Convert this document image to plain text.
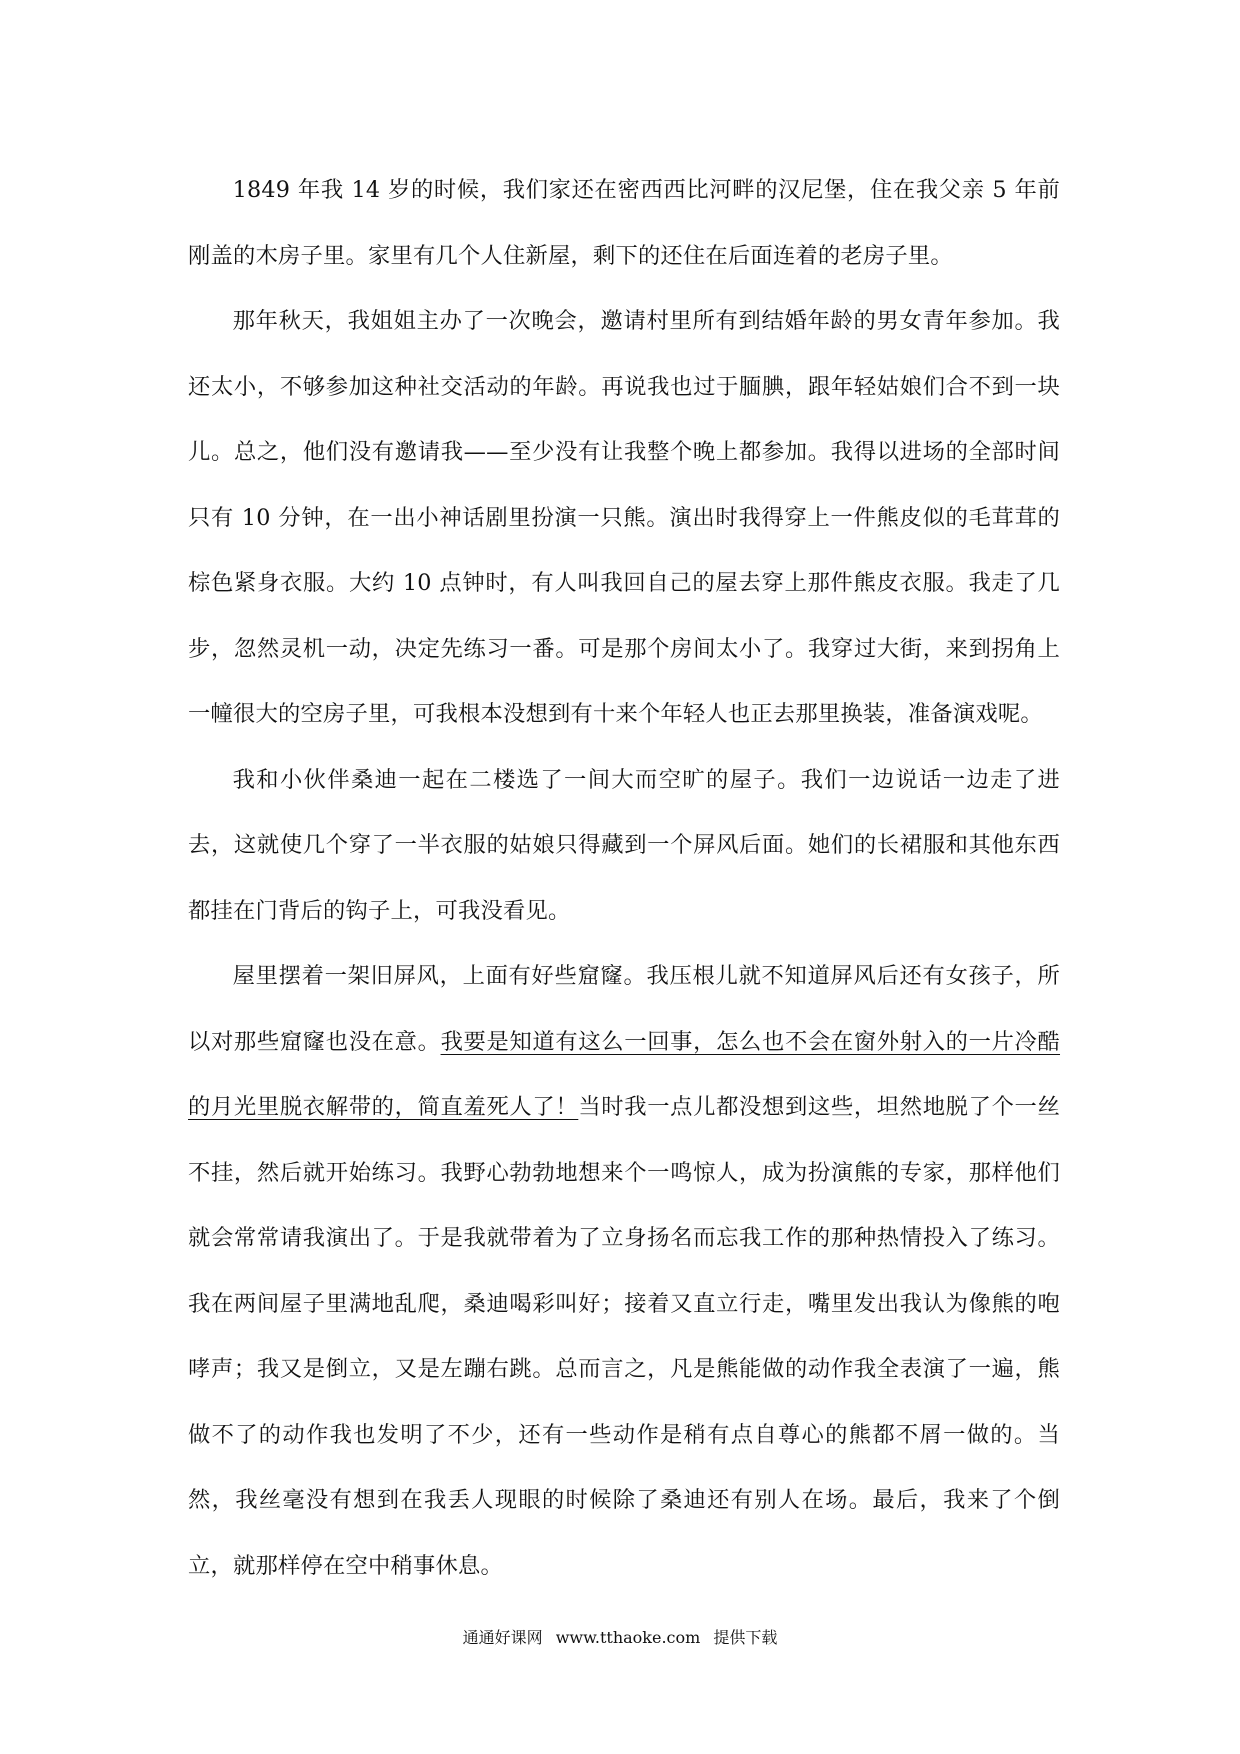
1849 年我 14 岁的时候，我们家还在密西西比河畔的汉尼堡，住在我父亲 5 年前刚盖的木房子里。家里有几个人住新屋，剩下的还住在后面连着的老房子里。

那年秋天，我姐姐主办了一次晚会，邀请村里所有到结婚年龄的男女青年参加。我还太小，不够参加这种社交活动的年龄。再说我也过于腼腆，跟年轻姑娘们合不到一块儿。总之，他们没有邀请我——至少没有让我整个晚上都参加。我得以进场的全部时间只有 10 分钟，在一出小神话剧里扮演一只熊。演出时我得穿上一件熊皮似的毛茸茸的棕色紧身衣服。大约 10 点钟时，有人叫我回自己的屋去穿上那件熊皮衣服。我走了几步，忽然灵机一动，决定先练习一番。可是那个房间太小了。我穿过大街，来到拐角上一幢很大的空房子里，可我根本没想到有十来个年轻人也正去那里换装，准备演戏呢。

我和小伙伴桑迪一起在二楼选了一间大而空旷的屋子。我们一边说话一边走了进去，这就使几个穿了一半衣服的姑娘只得藏到一个屏风后面。她们的长裙服和其他东西都挂在门背后的钩子上，可我没看见。

屋里摆着一架旧屏风，上面有好些窟窿。我压根儿就不知道屏风后还有女孩子，所以对那些窟窿也没在意。我要是知道有这么一回事，怎么也不会在窗外射入的一片冷酷的月光里脱衣解带的，简直羞死人了！当时我一点儿都没想到这些，坦然地脱了个一丝不挂，然后就开始练习。我野心勃勃地想来个一鸣惊人，成为扮演熊的专家，那样他们就会常常请我演出了。于是我就带着为了立身扬名而忘我工作的那种热情投入了练习。我在两间屋子里满地乱爬，桑迪喝彩叫好；接着又直立行走，嘴里发出我认为像熊的咆哮声；我又是倒立，又是左蹦右跳。总而言之，凡是熊能做的动作我全表演了一遍，熊做不了的动作我也发明了不少，还有一些动作是稍有点自尊心的熊都不屑一做的。当然，我丝毫没有想到在我丢人现眼的时候除了桑迪还有别人在场。最后，我来了个倒立，就那样停在空中稍事休息。

通通好课网 www.tthaoke.com 提供下载
